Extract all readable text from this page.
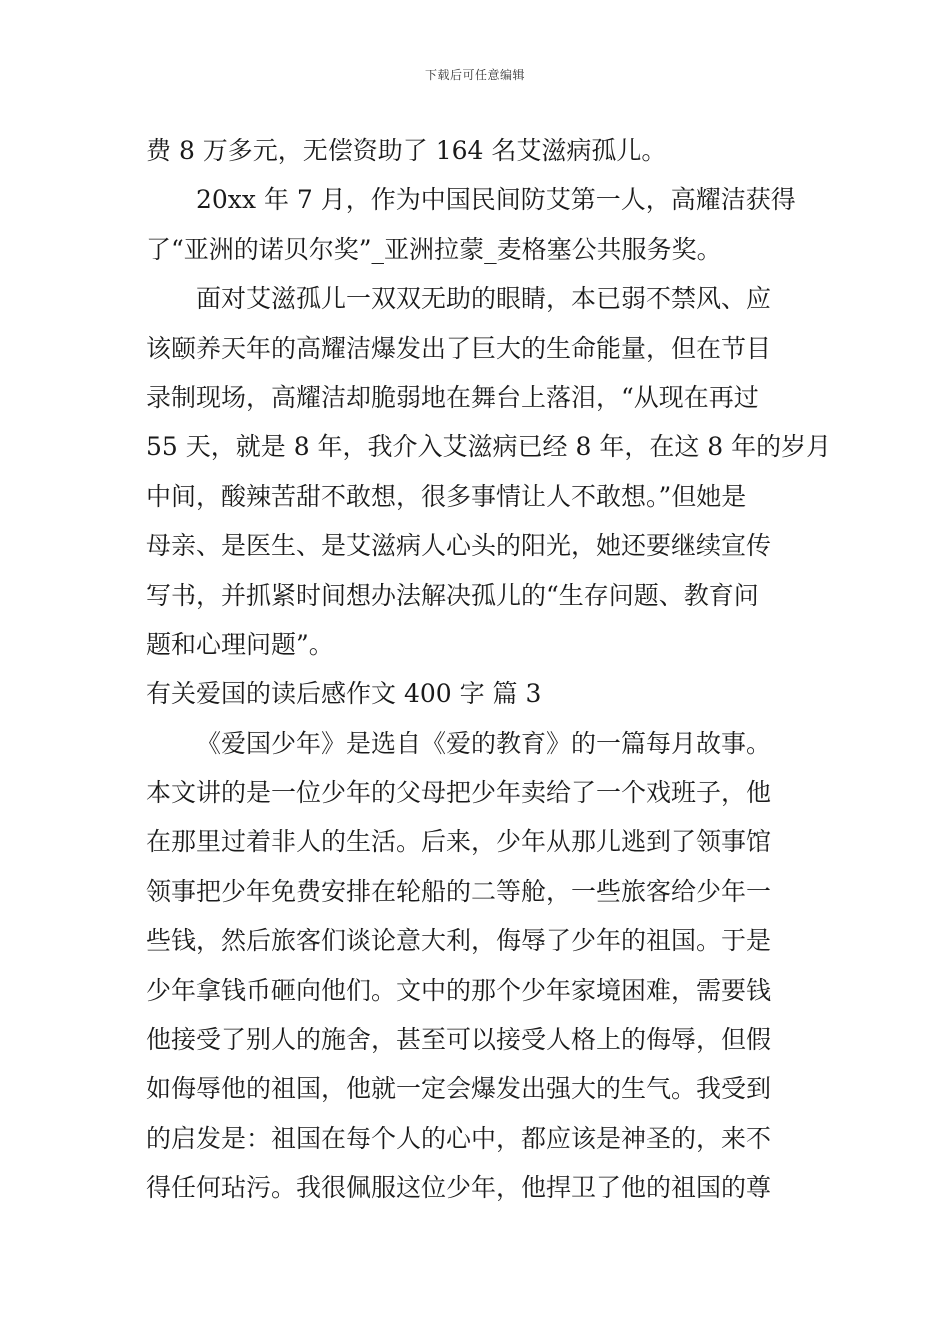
下载后可任意编辑
费 8 万多元，无偿资助了 164 名艾滋病孤儿。
20xx 年 7 月，作为中国民间防艾第一人，高耀洁获得
了“亚洲的诺贝尔奖”_亚洲拉蒙_麦格塞公共服务奖。
面对艾滋孤儿一双双无助的眼睛，本已弱不禁风、应
该颐养天年的高耀洁爆发出了巨大的生命能量，但在节目
录制现场，高耀洁却脆弱地在舞台上落泪，“从现在再过
55 天，就是 8 年，我介入艾滋病已经 8 年，在这 8 年的岁月
中间，酸辣苦甜不敢想，很多事情让人不敢想。”但她是
母亲、是医生、是艾滋病人心头的阳光，她还要继续宣传
写书，并抓紧时间想办法解决孤儿的“生存问题、教育问
题和心理问题”。
有关爱国的读后感作文 400 字 篇 3
《爱国少年》是选自《爱的教育》的一篇每月故事。
本文讲的是一位少年的父母把少年卖给了一个戏班子，他
在那里过着非人的生活。后来，少年从那儿逃到了领事馆
领事把少年免费安排在轮船的二等舱，一些旅客给少年一
些钱，然后旅客们谈论意大利，侮辱了少年的祖国。于是
少年拿钱币砸向他们。文中的那个少年家境困难，需要钱
他接受了别人的施舍，甚至可以接受人格上的侮辱，但假
如侮辱他的祖国，他就一定会爆发出强大的生气。我受到
的启发是：祖国在每个人的心中，都应该是神圣的，来不
得任何玷污。我很佩服这位少年，他捍卫了他的祖国的尊
